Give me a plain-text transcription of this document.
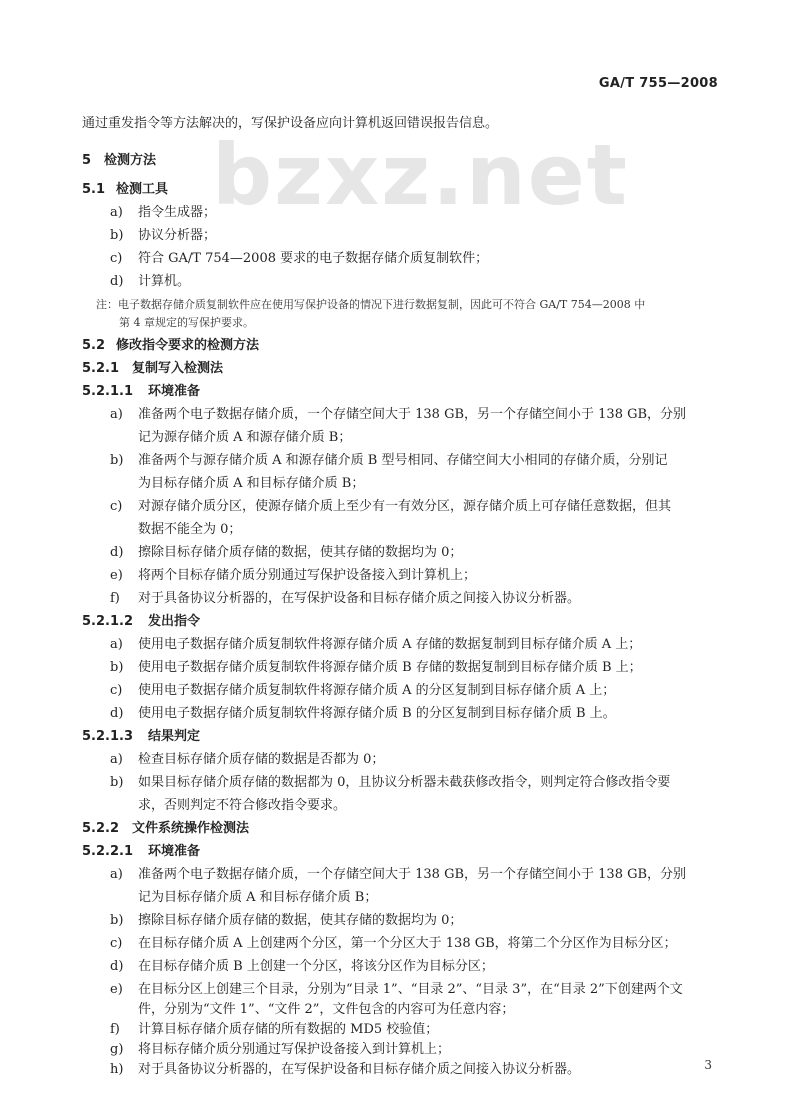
bzxz.net
GA/T 755—2008
通过重发指令等方法解决的，写保护设备应向计算机返回错误报告信息。
5 检测方法
5.1 检测工具
a) 指令生成器；
b) 协议分析器；
c) 符合 GA/T 754—2008 要求的电子数据存储介质复制软件；
d) 计算机。
注：电子数据存储介质复制软件应在使用写保护设备的情况下进行数据复制，因此可不符合 GA/T 754—2008 中
第 4 章规定的写保护要求。
5.2 修改指令要求的检测方法
5.2.1 复制写入检测法
5.2.1.1 环境准备
a) 准备两个电子数据存储介质，一个存储空间大于 138 GB，另一个存储空间小于 138 GB，分别
记为源存储介质 A 和源存储介质 B；
b) 准备两个与源存储介质 A 和源存储介质 B 型号相同、存储空间大小相同的存储介质，分别记
为目标存储介质 A 和目标存储介质 B；
c) 对源存储介质分区，使源存储介质上至少有一有效分区，源存储介质上可存储任意数据，但其
数据不能全为 0；
d) 擦除目标存储介质存储的数据，使其存储的数据均为 0；
e) 将两个目标存储介质分别通过写保护设备接入到计算机上；
f) 对于具备协议分析器的，在写保护设备和目标存储介质之间接入协议分析器。
5.2.1.2 发出指令
a) 使用电子数据存储介质复制软件将源存储介质 A 存储的数据复制到目标存储介质 A 上；
b) 使用电子数据存储介质复制软件将源存储介质 B 存储的数据复制到目标存储介质 B 上；
c) 使用电子数据存储介质复制软件将源存储介质 A 的分区复制到目标存储介质 A 上；
d) 使用电子数据存储介质复制软件将源存储介质 B 的分区复制到目标存储介质 B 上。
5.2.1.3 结果判定
a) 检查目标存储介质存储的数据是否都为 0；
b) 如果目标存储介质存储的数据都为 0，且协议分析器未截获修改指令，则判定符合修改指令要
求，否则判定不符合修改指令要求。
5.2.2 文件系统操作检测法
5.2.2.1 环境准备
a) 准备两个电子数据存储介质，一个存储空间大于 138 GB，另一个存储空间小于 138 GB，分别
记为目标存储介质 A 和目标存储介质 B；
b) 擦除目标存储介质存储的数据，使其存储的数据均为 0；
c) 在目标存储介质 A 上创建两个分区，第一个分区大于 138 GB，将第二个分区作为目标分区；
d) 在目标存储介质 B 上创建一个分区，将该分区作为目标分区；
e) 在目标分区上创建三个目录，分别为“目录 1”、“目录 2”、“目录 3”，在“目录 2”下创建两个文
件，分别为“文件 1”、“文件 2”，文件包含的内容可为任意内容；
f) 计算目标存储介质存储的所有数据的 MD5 校验值；
g) 将目标存储介质分别通过写保护设备接入到计算机上；
h) 对于具备协议分析器的，在写保护设备和目标存储介质之间接入协议分析器。	3
